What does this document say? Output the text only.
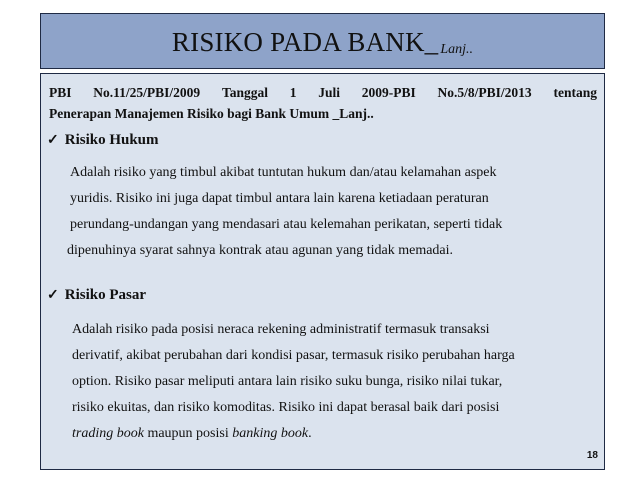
RISIKO PADA BANK_ Lanj..
PBI No.11/25/PBI/2009 Tanggal 1 Juli 2009-PBI No.5/8/PBI/2013 tentang
Penerapan Manajemen Risiko bagi Bank Umum _Lanj..
✓ Risiko Hukum
Adalah risiko yang timbul akibat tuntutan hukum dan/atau kelamahan aspek
yuridis. Risiko ini juga dapat timbul antara lain karena ketiadaan peraturan
perundang-undangan yang mendasari atau kelemahan perikatan, seperti tidak
dipenuhinya syarat sahnya kontrak atau agunan yang tidak memadai.
✓ Risiko Pasar
Adalah risiko pada posisi neraca rekening administratif termasuk transaksi
derivatif, akibat perubahan dari kondisi pasar, termasuk risiko perubahan harga
option. Risiko pasar meliputi antara lain risiko suku bunga, risiko nilai tukar,
risiko ekuitas, dan risiko komoditas. Risiko ini dapat berasal baik dari posisi
trading book maupun posisi banking book.
18
